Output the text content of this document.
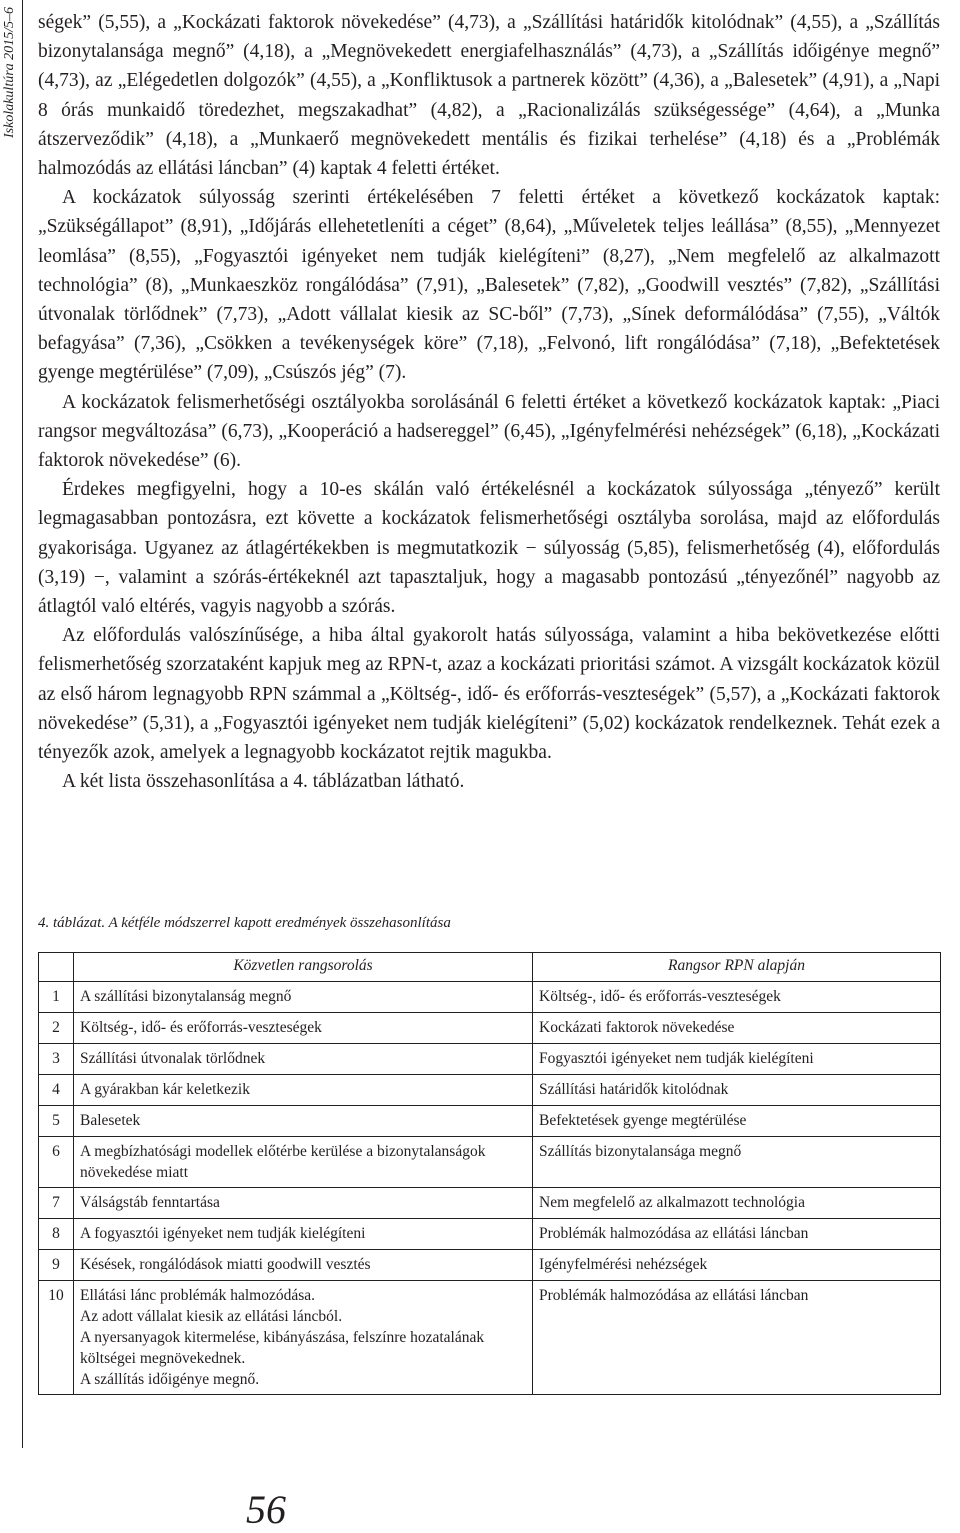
Iskolakultúra 2015/5–6 ségek” (5,55), a „Kockázati faktorok növekedése” (4,73), a „Szállítási határidők kitolódnak” (4,55), a „Szállítás bizonytalansága megnő” (4,18), a „Megnövekedett energiafelhasználás” (4,73), a „Szállítás időigénye megnő” (4,73), az „Elégedetlen dolgozók” (4,55), a „Konfliktusok a partnerek között” (4,36), a „Balesetek” (4,91), a „Napi 8 órás munkaidő töredezhet, megszakadhat” (4,82), a „Racionalizálás szükségessége” (4,64), a „Munka átszerveződik” (4,18), a „Munkaerő megnövekedett mentális és fizikai terhelése” (4,18) és a „Problémák halmozódás az ellátási láncban” (4) kaptak 4 feletti értéket.

A kockázatok súlyosság szerinti értékelésében 7 feletti értéket a következő kockázatok kaptak: „Szükségállapot” (8,91), „Időjárás ellehetetleníti a céget” (8,64), „Műveletek teljes leállása” (8,55), „Mennyezet leomlása” (8,55), „Fogyasztói igényeket nem tudják kielégíteni” (8,27), „Nem megfelelő az alkalmazott technológia” (8), „Munkaeszköz rongálódása” (7,91), „Balesetek” (7,82), „Goodwill vesztés” (7,82), „Szállítási útvonalak törlődnek” (7,73), „Adott vállalat kiesik az SC-ből” (7,73), „Sínek deformálódása” (7,55), „Váltók befagyása” (7,36), „Csökken a tevékenységek köre” (7,18), „Felvonó, lift rongálódása” (7,18), „Befektetések gyenge megtérülése” (7,09), „Csúszós jég” (7).

A kockázatok felismerhetőségi osztályokba sorolásánál 6 feletti értéket a következő kockázatok kaptak: „Piaci rangsor megváltozása” (6,73), „Kooperáció a hadsereggel” (6,45), „Igényfelmérési nehézségek” (6,18), „Kockázati faktorok növekedése” (6).

Érdekes megfigyelni, hogy a 10-es skálán való értékelésnél a kockázatok súlyossága „tényező” került legmagasabban pontozásra, ezt követte a kockázatok felismerhetőségi osztályba sorolása, majd az előfordulás gyakorisága. Ugyanez az átlagértékekben is megmutatkozik − súlyosság (5,85), felismerhetőség (4), előfordulás (3,19) −, valamint a szórás-értékeknél azt tapasztaljuk, hogy a magasabb pontozású „tényezőnél” nagyobb az átlagtól való eltérés, vagyis nagyobb a szórás.

Az előfordulás valószínűsége, a hiba által gyakorolt hatás súlyossága, valamint a hiba bekövetkezése előtti felismerhetőség szorzataként kapjuk meg az RPN-t, azaz a kockázati prioritási számot. A vizsgált kockázatok közül az első három legnagyobb RPN számmal a „Költség-, idő- és erőforrás-veszteségek” (5,57), a „Kockázati faktorok növekedése” (5,31), a „Fogyasztói igényeket nem tudják kielégíteni” (5,02) kockázatok rendelkeznek. Tehát ezek a tényezők azok, amelyek a legnagyobb kockázatot rejtik magukba.

A két lista összehasonlítása a 4. táblázatban látható.

4. táblázat. A kétféle módszerrel kapott eredmények összehasonlítása
	Közvetlen rangsorolás	Rangsor RPN alapján
1	A szállítási bizonytalanság megnő	Költség-, idő- és erőforrás-veszteségek
2	Költség-, idő- és erőforrás-veszteségek	Kockázati faktorok növekedése
3	Szállítási útvonalak törlődnek	Fogyasztói igényeket nem tudják kielégíteni
4	A gyárakban kár keletkezik	Szállítási határidők kitolódnak
5	Balesetek	Befektetések gyenge megtérülése
6	A megbízhatósági modellek előtérbe kerülése a bizonytalanságok növekedése miatt	Szállítás bizonytalansága megnő
7	Válságstáb fenntartása	Nem megfelelő az alkalmazott technológia
8	A fogyasztói igényeket nem tudják kielégíteni	Problémák halmozódása az ellátási láncban
9	Késések, rongálódások miatti goodwill vesztés	Igényfelmérési nehézségek
10	Ellátási lánc problémák halmozódása.
Az adott vállalat kiesik az ellátási láncból.
A nyersanyagok kitermelése, kibányászása, felszínre hozatalának költségei megnövekednek.
A szállítás időigénye megnő.	Problémák halmozódása az ellátási láncban
56
